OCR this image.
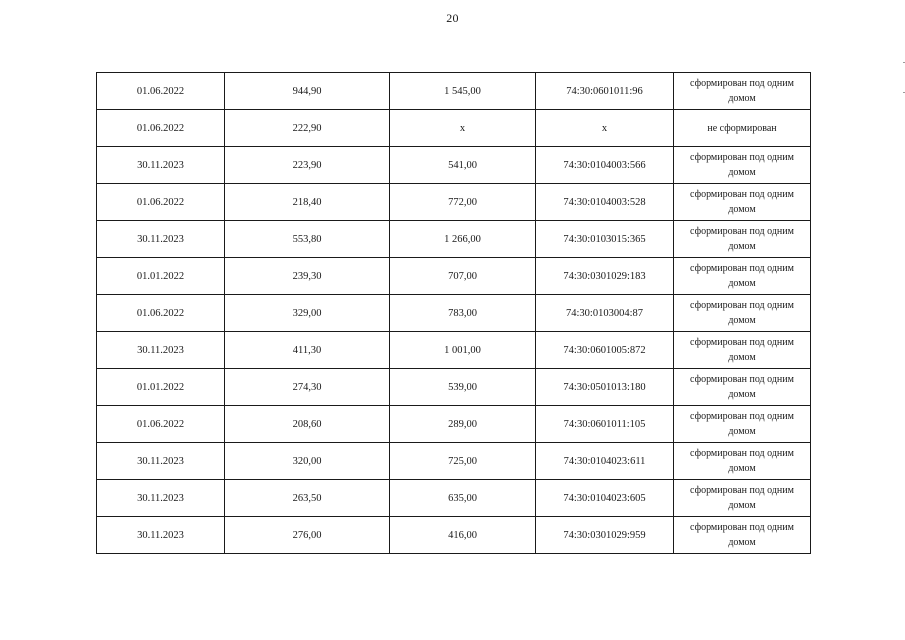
20
01.06.2022	944,90	1 545,00	74:30:0601011:96	сформирован под одним домом
01.06.2022	222,90	x	x	не сформирован
30.11.2023	223,90	541,00	74:30:0104003:566	сформирован под одним домом
01.06.2022	218,40	772,00	74:30:0104003:528	сформирован под одним домом
30.11.2023	553,80	1 266,00	74:30:0103015:365	сформирован под одним домом
01.01.2022	239,30	707,00	74:30:0301029:183	сформирован под одним домом
01.06.2022	329,00	783,00	74:30:0103004:87	сформирован под одним домом
30.11.2023	411,30	1 001,00	74:30:0601005:872	сформирован под одним домом
01.01.2022	274,30	539,00	74:30:0501013:180	сформирован под одним домом
01.06.2022	208,60	289,00	74:30:0601011:105	сформирован под одним домом
30.11.2023	320,00	725,00	74:30:0104023:611	сформирован под одним домом
30.11.2023	263,50	635,00	74:30:0104023:605	сформирован под одним домом
30.11.2023	276,00	416,00	74:30:0301029:959	сформирован под одним домом
